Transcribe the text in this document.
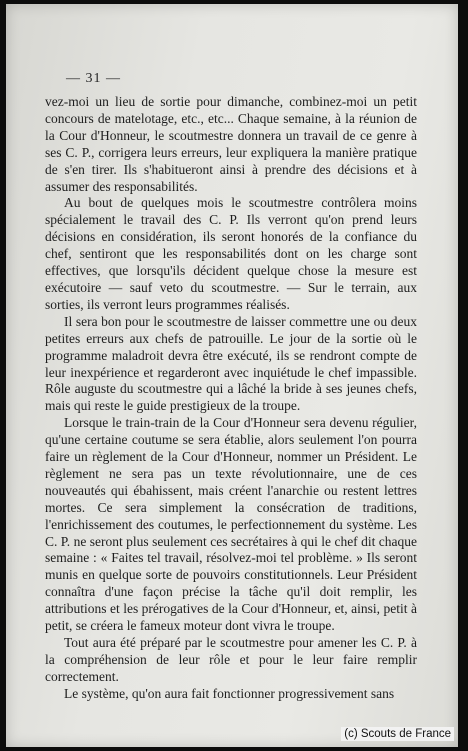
— 31 —

vez-moi un lieu de sortie pour dimanche, combinez-moi un petit concours de matelotage, etc., etc... Chaque semaine, à la réunion de la Cour d'Honneur, le scoutmestre donnera un travail de ce genre à ses C. P., corrigera leurs erreurs, leur expliquera la manière pratique de s'en tirer. Ils s'habitueront ainsi à prendre des décisions et à assumer des responsabilités.

Au bout de quelques mois le scoutmestre contrôlera moins spécialement le travail des C. P. Ils verront qu'on prend leurs décisions en considération, ils seront honorés de la confiance du chef, sentiront que les responsabilités dont on les charge sont effectives, que lorsqu'ils décident quelque chose la mesure est exécutoire — sauf veto du scoutmestre. — Sur le terrain, aux sorties, ils verront leurs programmes réalisés.

Il sera bon pour le scoutmestre de laisser commettre une ou deux petites erreurs aux chefs de patrouille. Le jour de la sortie où le programme maladroit devra être exécuté, ils se rendront compte de leur inexpérience et regarderont avec inquiétude le chef impassible. Rôle auguste du scoutmestre qui a lâché la bride à ses jeunes chefs, mais qui reste le guide prestigieux de la troupe.

Lorsque le train-train de la Cour d'Honneur sera devenu régulier, qu'une certaine coutume se sera établie, alors seulement l'on pourra faire un règlement de la Cour d'Honneur, nommer un Président. Le règlement ne sera pas un texte révolutionnaire, une de ces nouveautés qui ébahissent, mais créent l'anarchie ou restent lettres mortes. Ce sera simplement la consécration de traditions, l'enrichissement des coutumes, le perfectionnement du système. Les C. P. ne seront plus seulement ces secrétaires à qui le chef dit chaque semaine : « Faites tel travail, résolvez-moi tel problème. » Ils seront munis en quelque sorte de pouvoirs constitutionnels. Leur Président connaîtra d'une façon précise la tâche qu'il doit remplir, les attributions et les prérogatives de la Cour d'Honneur, et, ainsi, petit à petit, se créera le fameux moteur dont vivra le troupe.

Tout aura été préparé par le scoutmestre pour amener les C. P. à la compréhension de leur rôle et pour le leur faire remplir correctement.

Le système, qu'on aura fait fonctionner progressivement sans

(c) Scouts de France
